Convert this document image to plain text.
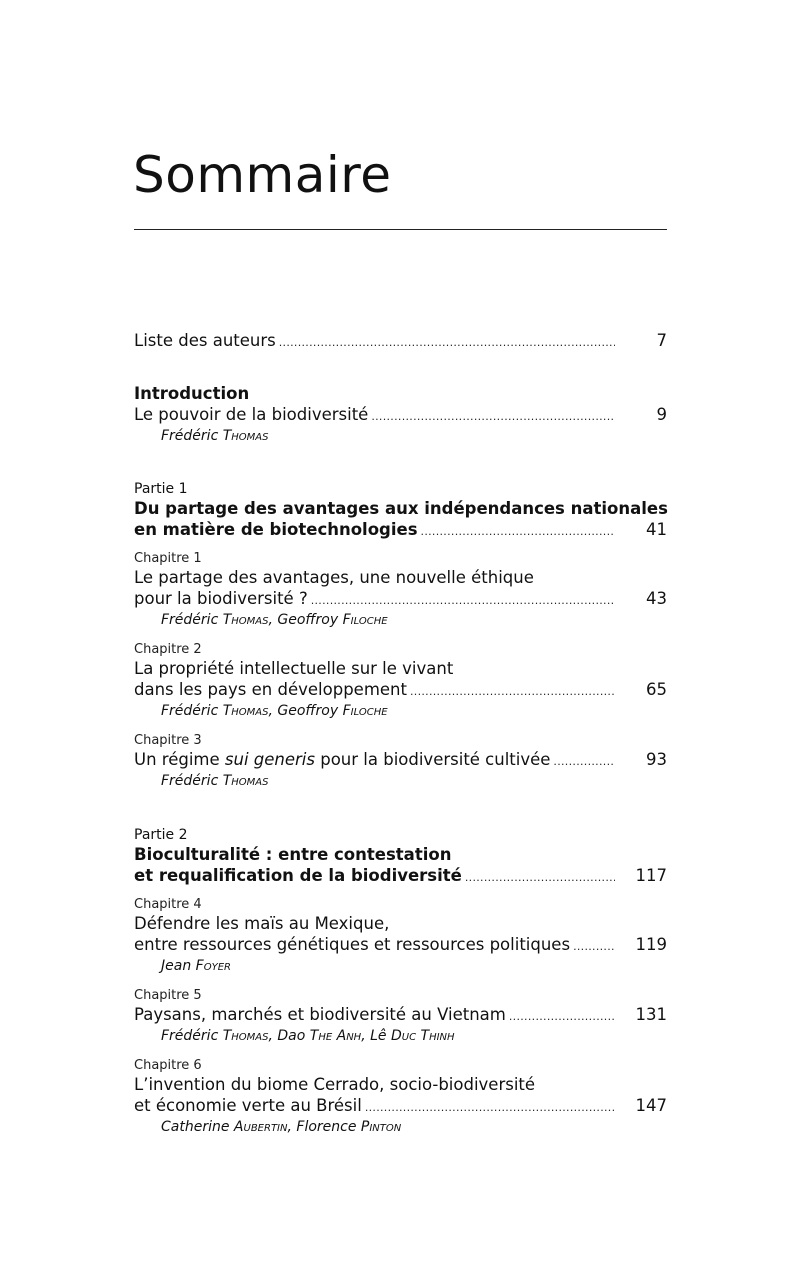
Sommaire
Liste des auteurs .....	7
Introduction
Le pouvoir de la biodiversité .....	9
Frédéric Thomas
Partie 1
Du partage des avantages aux indépendances nationales
en matière de biotechnologies .....	41
Chapitre 1
Le partage des avantages, une nouvelle éthique
pour la biodiversité ? .....	43
Frédéric Thomas, Geoffroy Filoche
Chapitre 2
La propriété intellectuelle sur le vivant
dans les pays en développement .....	65
Frédéric Thomas, Geoffroy Filoche
Chapitre 3
Un régime sui generis pour la biodiversité cultivée .....	93
Frédéric Thomas
Partie 2
Bioculturalité : entre contestation
et requalification de la biodiversité .....	117
Chapitre 4
Défendre les maïs au Mexique,
entre ressources génétiques et ressources politiques .....	119
Jean Foyer
Chapitre 5
Paysans, marchés et biodiversité au Vietnam .....	131
Frédéric Thomas, Dao The Anh, Lê Duc Thinh
Chapitre 6
L’invention du biome Cerrado, socio-biodiversité
et économie verte au Brésil .....	147
Catherine Aubertin, Florence Pinton
